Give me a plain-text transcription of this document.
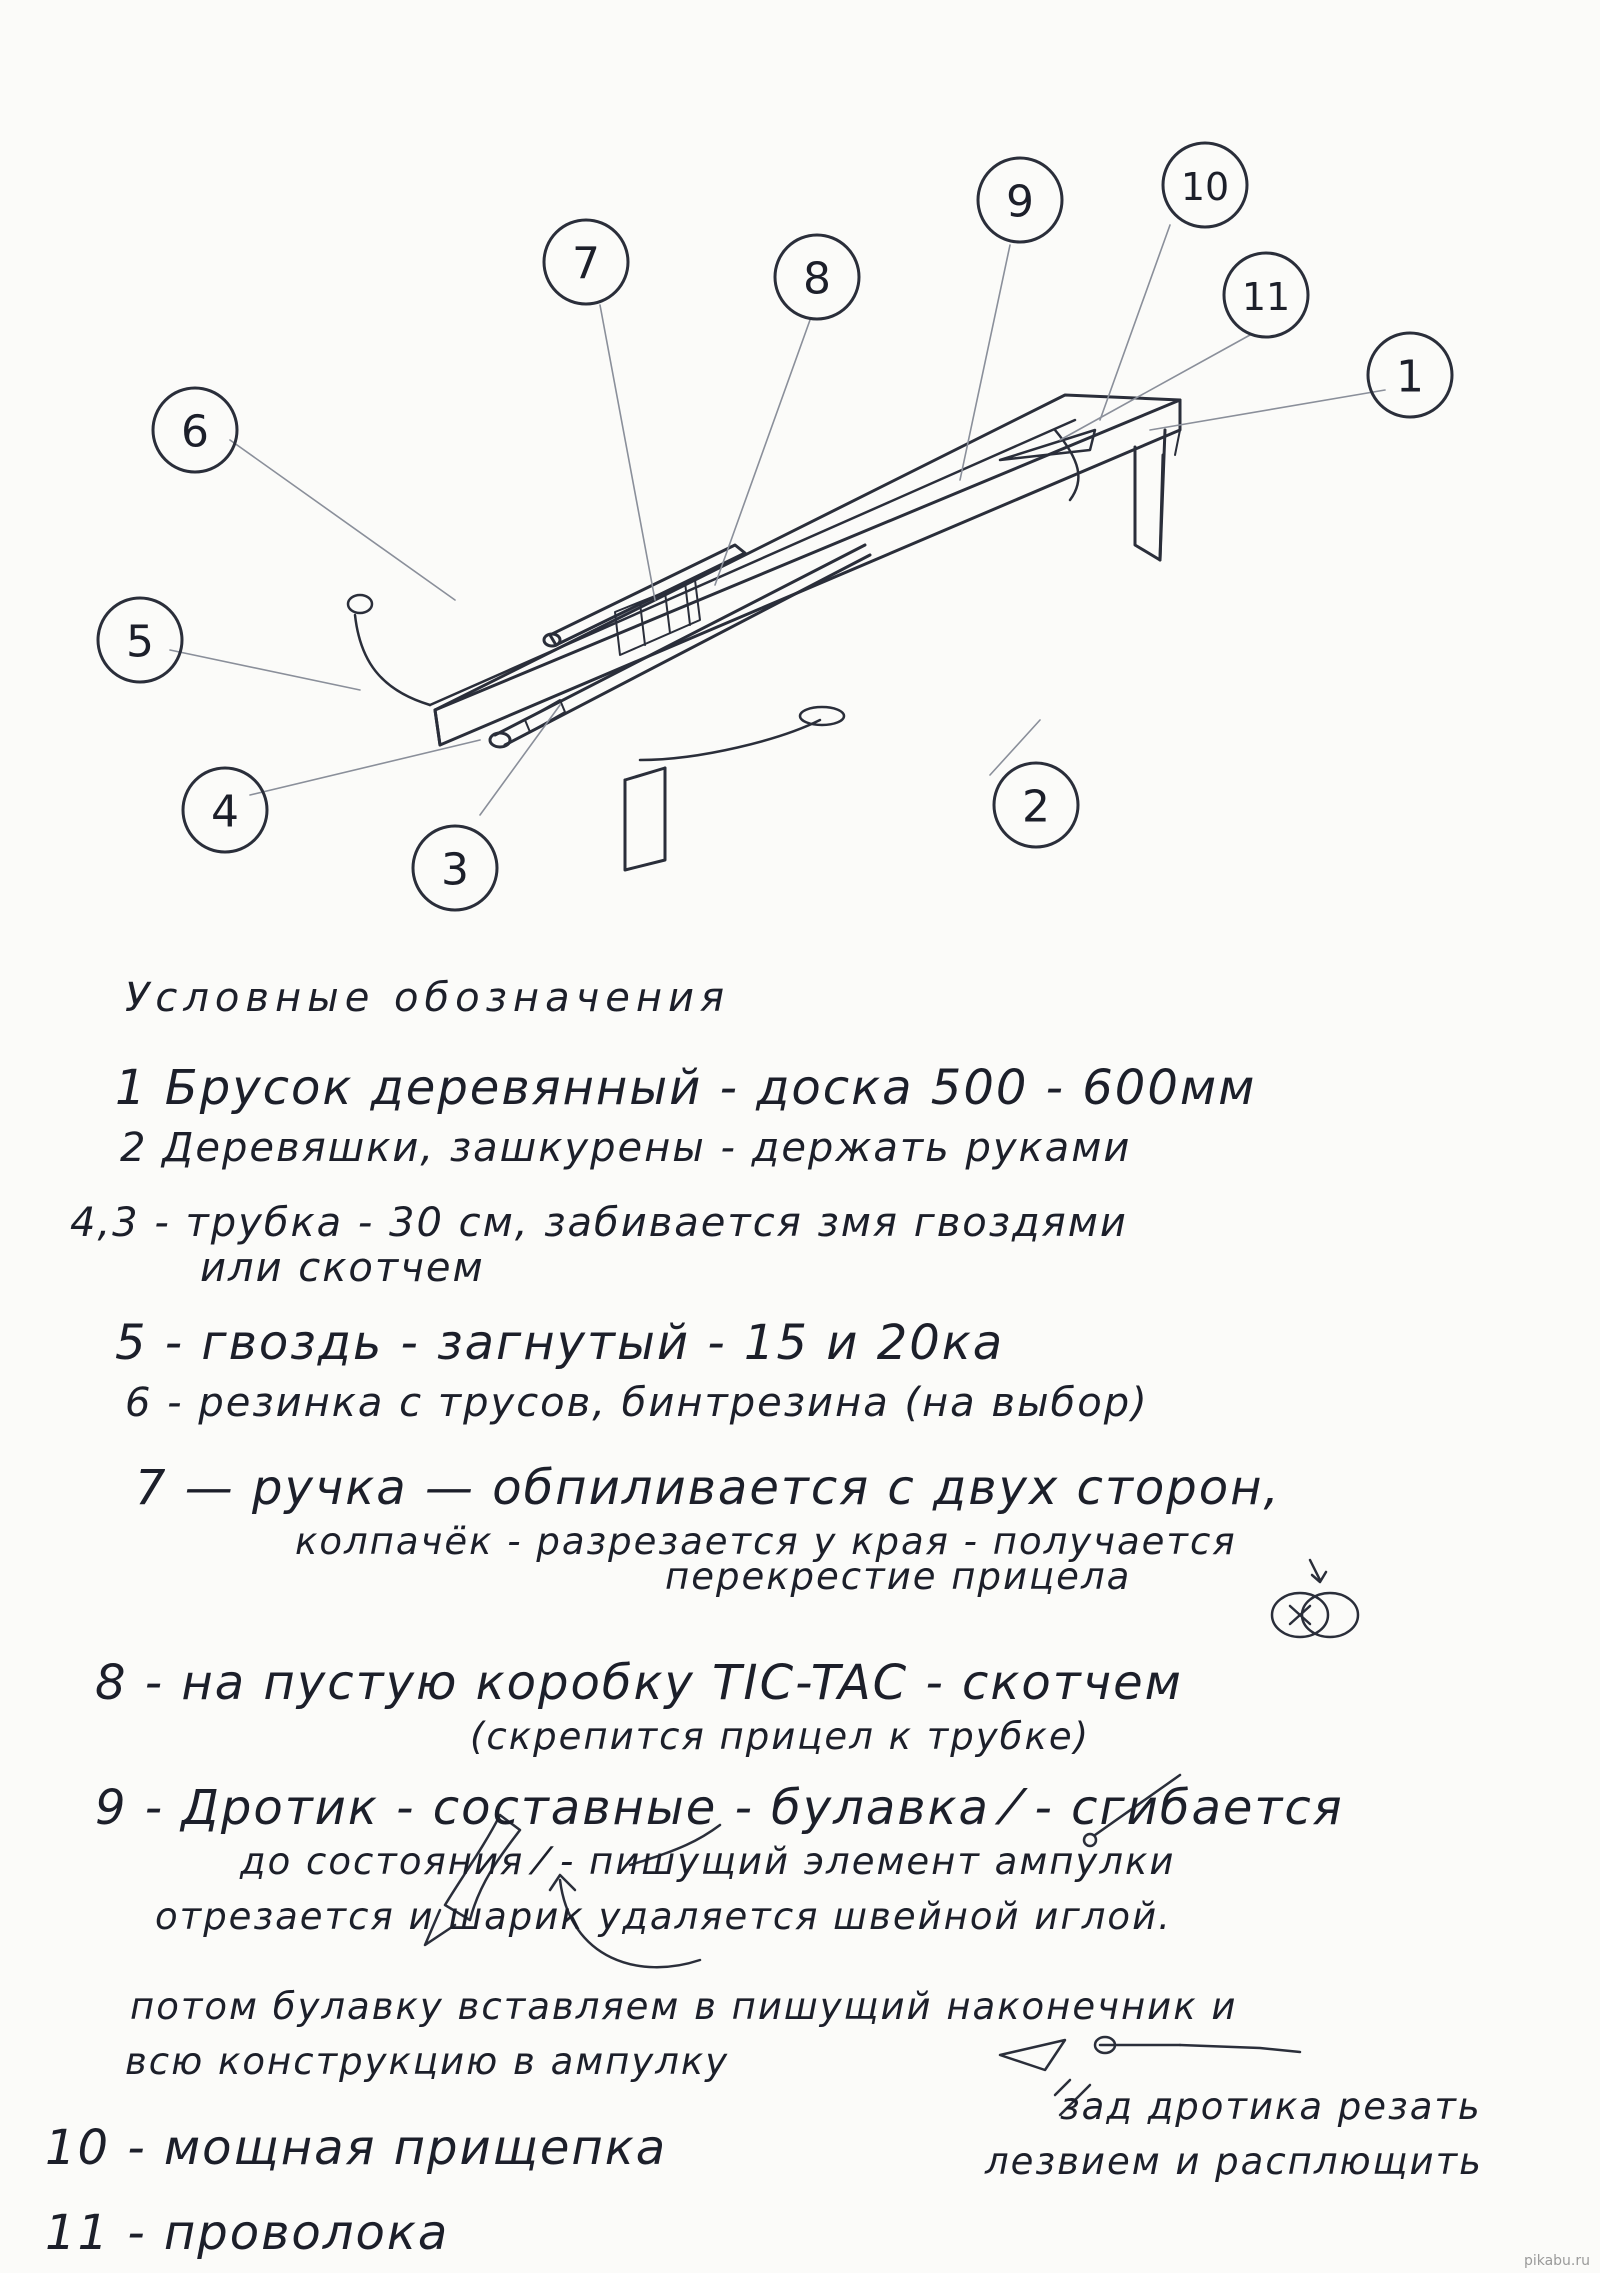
6
7	8
9	10
11
1
5
4
3
2
Условные обозначения
1 Брусок деревянный - доска 500 - 600мм
2 Деревяшки, зашкурены - держать руками
4,3 - трубка - 30 см, забивается змя гвоздями
или скотчем
5 - гвоздь - загнутый - 15 и 20ка
6 - резинка с трусов, бинтрезина (на выбор)
7 — ручка — обпиливается с двух сторон,
колпачёк - разрезается у края - получается
перекрестие прицела
8 - на пустую коробку TIC-TAC - скотчем
(скрепится прицел к трубке)
9 - Дротик - составные - булавка ⁄ - сгибается
до состояния ⁄ - пишущий элемент ампулки
отрезается и шарик удаляется швейной иглой.
потом булавку вставляем в пишущий наконечник и
всю конструкцию в ампулку
зад дротика резать
лезвием и расплющить
10 - мощная прищепка
11 - проволока	pikabu.ru
